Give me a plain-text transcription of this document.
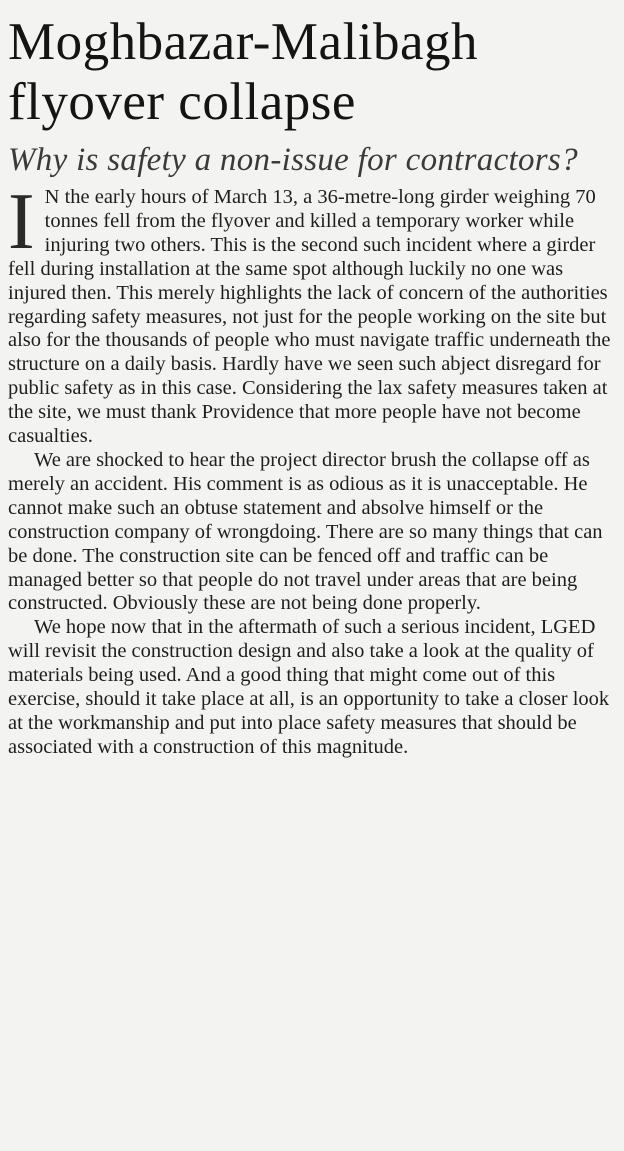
Moghbazar-Malibagh flyover collapse
Why is safety a non-issue for contractors?

I N the early hours of March 13, a 36-metre-long girder weighing 70 tonnes fell from the flyover and killed a temporary worker while injuring two others. This is the second such incident where a girder fell during installation at the same spot although luckily no one was injured then. This merely highlights the lack of concern of the authorities regarding safety measures, not just for the people working on the site but also for the thousands of people who must navigate traffic underneath the structure on a daily basis. Hardly have we seen such abject disregard for public safety as in this case. Considering the lax safety measures taken at the site, we must thank Providence that more people have not become casualties.

We are shocked to hear the project director brush the collapse off as merely an accident. His comment is as odious as it is unacceptable. He cannot make such an obtuse statement and absolve himself or the construction company of wrongdoing. There are so many things that can be done. The construction site can be fenced off and traffic can be managed better so that people do not travel under areas that are being constructed. Obviously these are not being done properly.

We hope now that in the aftermath of such a serious incident, LGED will revisit the construction design and also take a look at the quality of materials being used. And a good thing that might come out of this exercise, should it take place at all, is an opportunity to take a closer look at the workmanship and put into place safety measures that should be associated with a construction of this magnitude.
